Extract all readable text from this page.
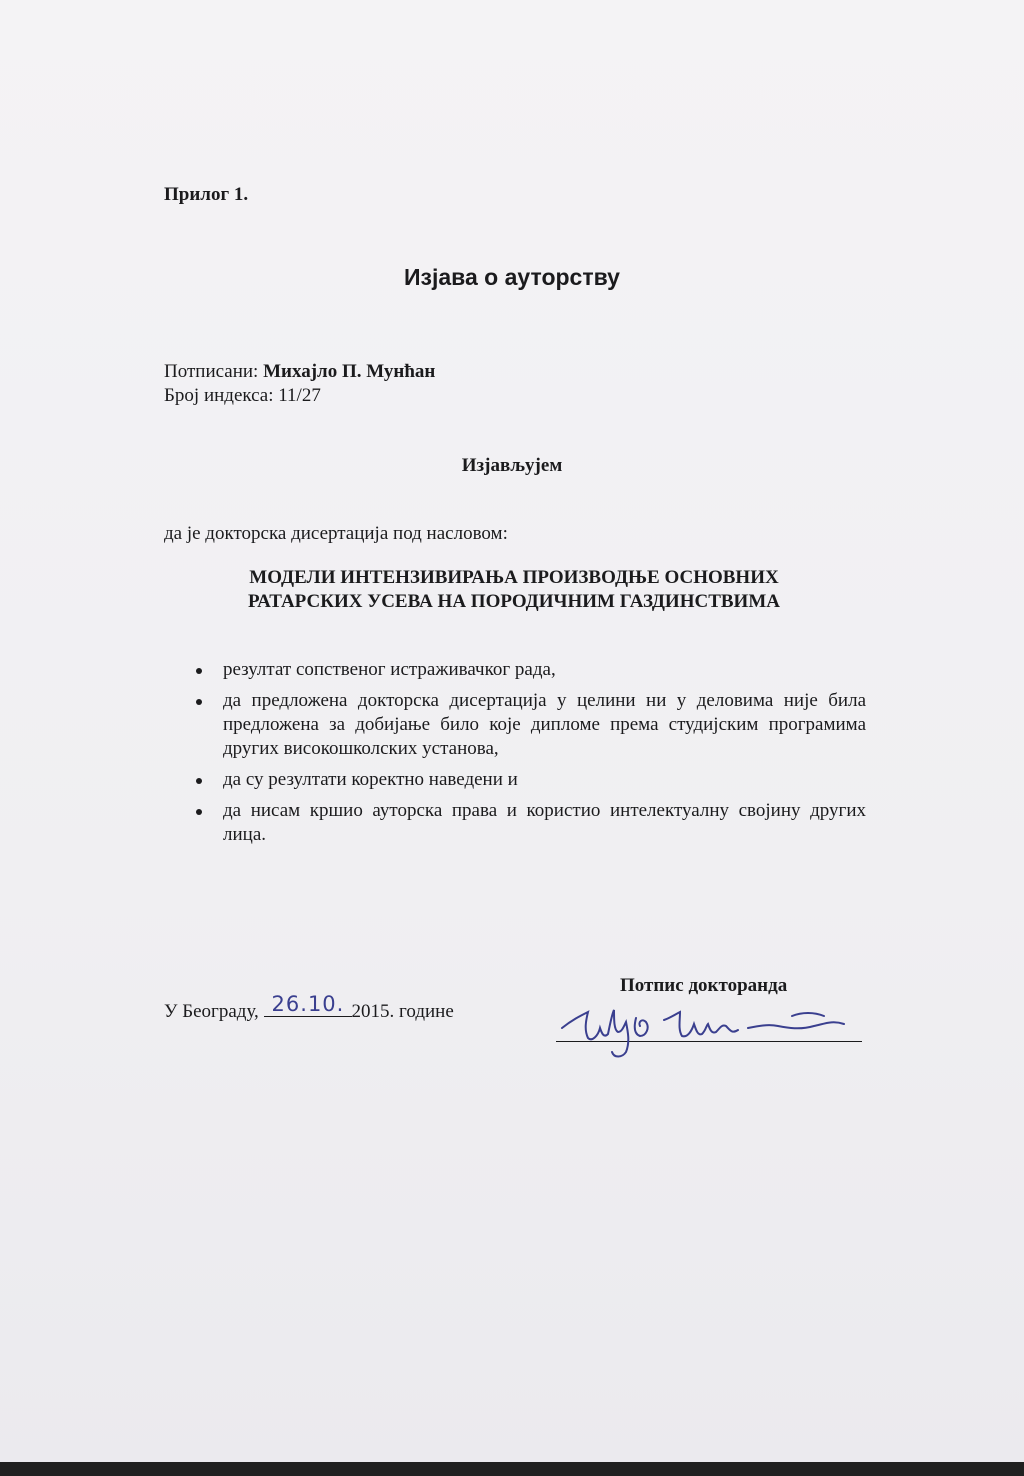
Прилог 1.

Изјава о ауторству

Потписани: Михајло П. Мунћан

Број индекса: 11/27

Изјављујем

да је докторска дисертација под насловом:

МОДЕЛИ ИНТЕНЗИВИРАЊА ПРОИЗВОДЊЕ ОСНОВНИХ
РАТАРСКИХ УСЕВА НА ПОРОДИЧНИМ ГАЗДИНСТВИМА
резултат сопственог истраживачког рада,
да предложена докторска дисертација у целини ни у деловима није била предложена за добијање било које дипломе према студијским програмима других високошколских установа,
да су резултати коректно наведени и
да нисам кршио ауторска права и користио интелектуалну својину других лица.

Потпис докторанда

У Београду, 26.10. 2015. године
